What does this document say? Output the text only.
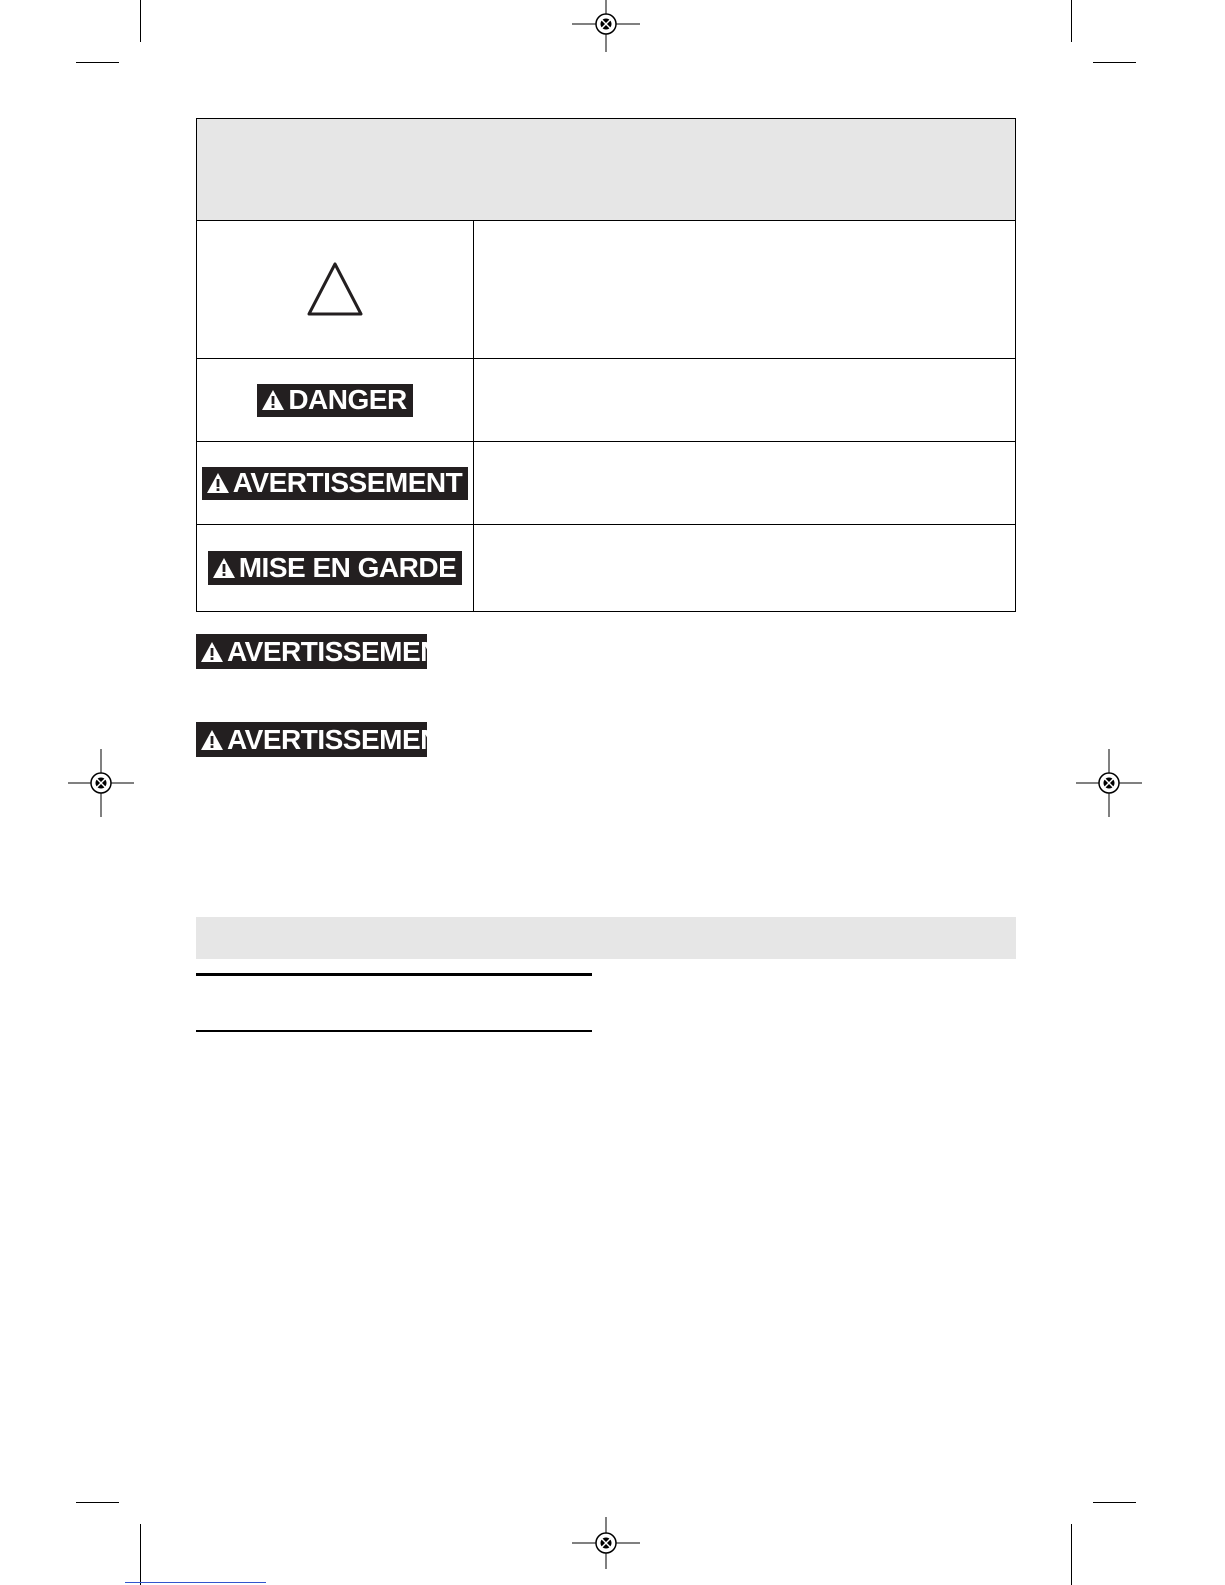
DANGER
AVERTISSEMENT
MISE EN GARDE
AVERTISSEMENT
AVERTISSEMENT
